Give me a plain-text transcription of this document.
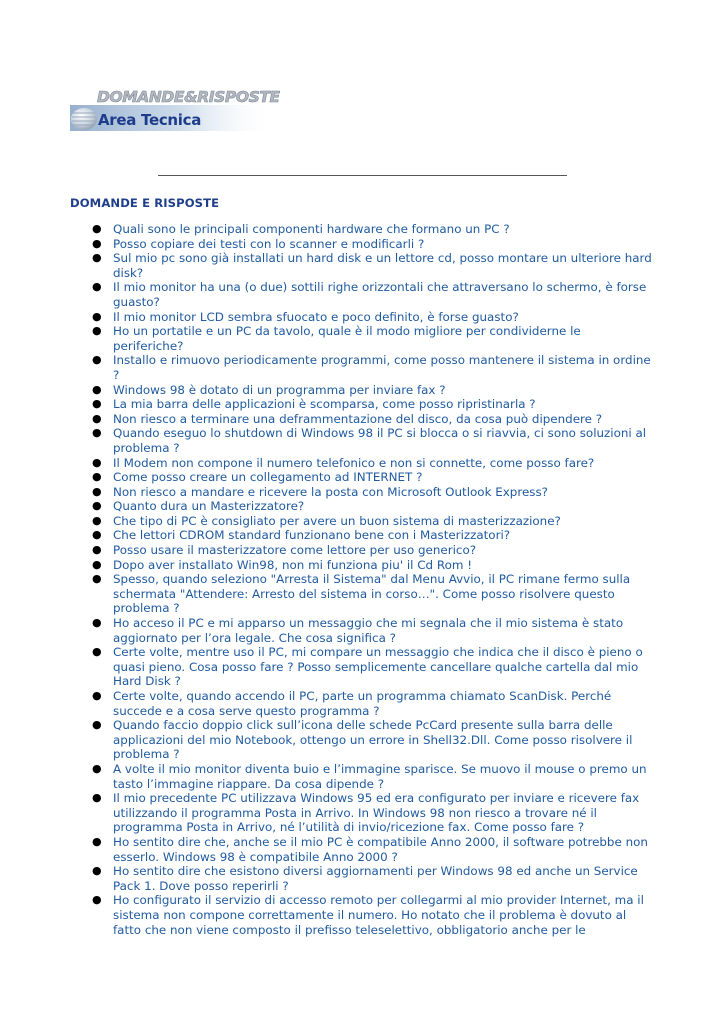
DOMANDE&RISPOSTE
Area Tecnica
DOMANDE E RISPOSTE
● Quali sono le principali componenti hardware che formano un PC ?
● Posso copiare dei testi con lo scanner e modificarli ?
● Sul mio pc sono già installati un hard disk e un lettore cd, posso montare un ulteriore hard disk?
● Il mio monitor ha una (o due) sottili righe orizzontali che attraversano lo schermo, è forse guasto?
● Il mio monitor LCD sembra sfuocato e poco definito, è forse guasto?
● Ho un portatile e un PC da tavolo, quale è il modo migliore per condividerne le periferiche?
● Installo e rimuovo periodicamente programmi, come posso mantenere il sistema in ordine ?
● Windows 98 è dotato di un programma per inviare fax ?
● La mia barra delle applicazioni è scomparsa, come posso ripristinarla ?
● Non riesco a terminare una deframmentazione del disco, da cosa può dipendere ?
● Quando eseguo lo shutdown di Windows 98 il PC si blocca o si riavvia, ci sono soluzioni al problema ?
● Il Modem non compone il numero telefonico e non si connette, come posso fare?
● Come posso creare un collegamento ad INTERNET ?
● Non riesco a mandare e ricevere la posta con Microsoft Outlook Express?
● Quanto dura un Masterizzatore?
● Che tipo di PC è consigliato per avere un buon sistema di masterizzazione?
● Che lettori CDROM standard funzionano bene con i Masterizzatori?
● Posso usare il masterizzatore come lettore per uso generico?
● Dopo aver installato Win98, non mi funziona piu' il Cd Rom !
● Spesso, quando seleziono "Arresta il Sistema" dal Menu Avvio, il PC rimane fermo sulla schermata "Attendere: Arresto del sistema in corso…". Come posso risolvere questo problema ?
● Ho acceso il PC e mi apparso un messaggio che mi segnala che il mio sistema è stato aggiornato per l’ora legale. Che cosa significa ?
● Certe volte, mentre uso il PC, mi compare un messaggio che indica che il disco è pieno o quasi pieno. Cosa posso fare ? Posso semplicemente cancellare qualche cartella dal mio Hard Disk ?
● Certe volte, quando accendo il PC, parte un programma chiamato ScanDisk. Perché succede e a cosa serve questo programma ?
● Quando faccio doppio click sull’icona delle schede PcCard presente sulla barra delle applicazioni del mio Notebook, ottengo un errore in Shell32.Dll. Come posso risolvere il problema ?
● A volte il mio monitor diventa buio e l’immagine sparisce. Se muovo il mouse o premo un tasto l’immagine riappare. Da cosa dipende ?
● Il mio precedente PC utilizzava Windows 95 ed era configurato per inviare e ricevere fax utilizzando il programma Posta in Arrivo. In Windows 98 non riesco a trovare né il programma Posta in Arrivo, né l’utilità di invio/ricezione fax. Come posso fare ?
● Ho sentito dire che, anche se il mio PC è compatibile Anno 2000, il software potrebbe non esserlo. Windows 98 è compatibile Anno 2000 ?
● Ho sentito dire che esistono diversi aggiornamenti per Windows 98 ed anche un Service Pack 1. Dove posso reperirli ?
● Ho configurato il servizio di accesso remoto per collegarmi al mio provider Internet, ma il sistema non compone correttamente il numero. Ho notato che il problema è dovuto al fatto che non viene composto il prefisso teleselettivo, obbligatorio anche per le
